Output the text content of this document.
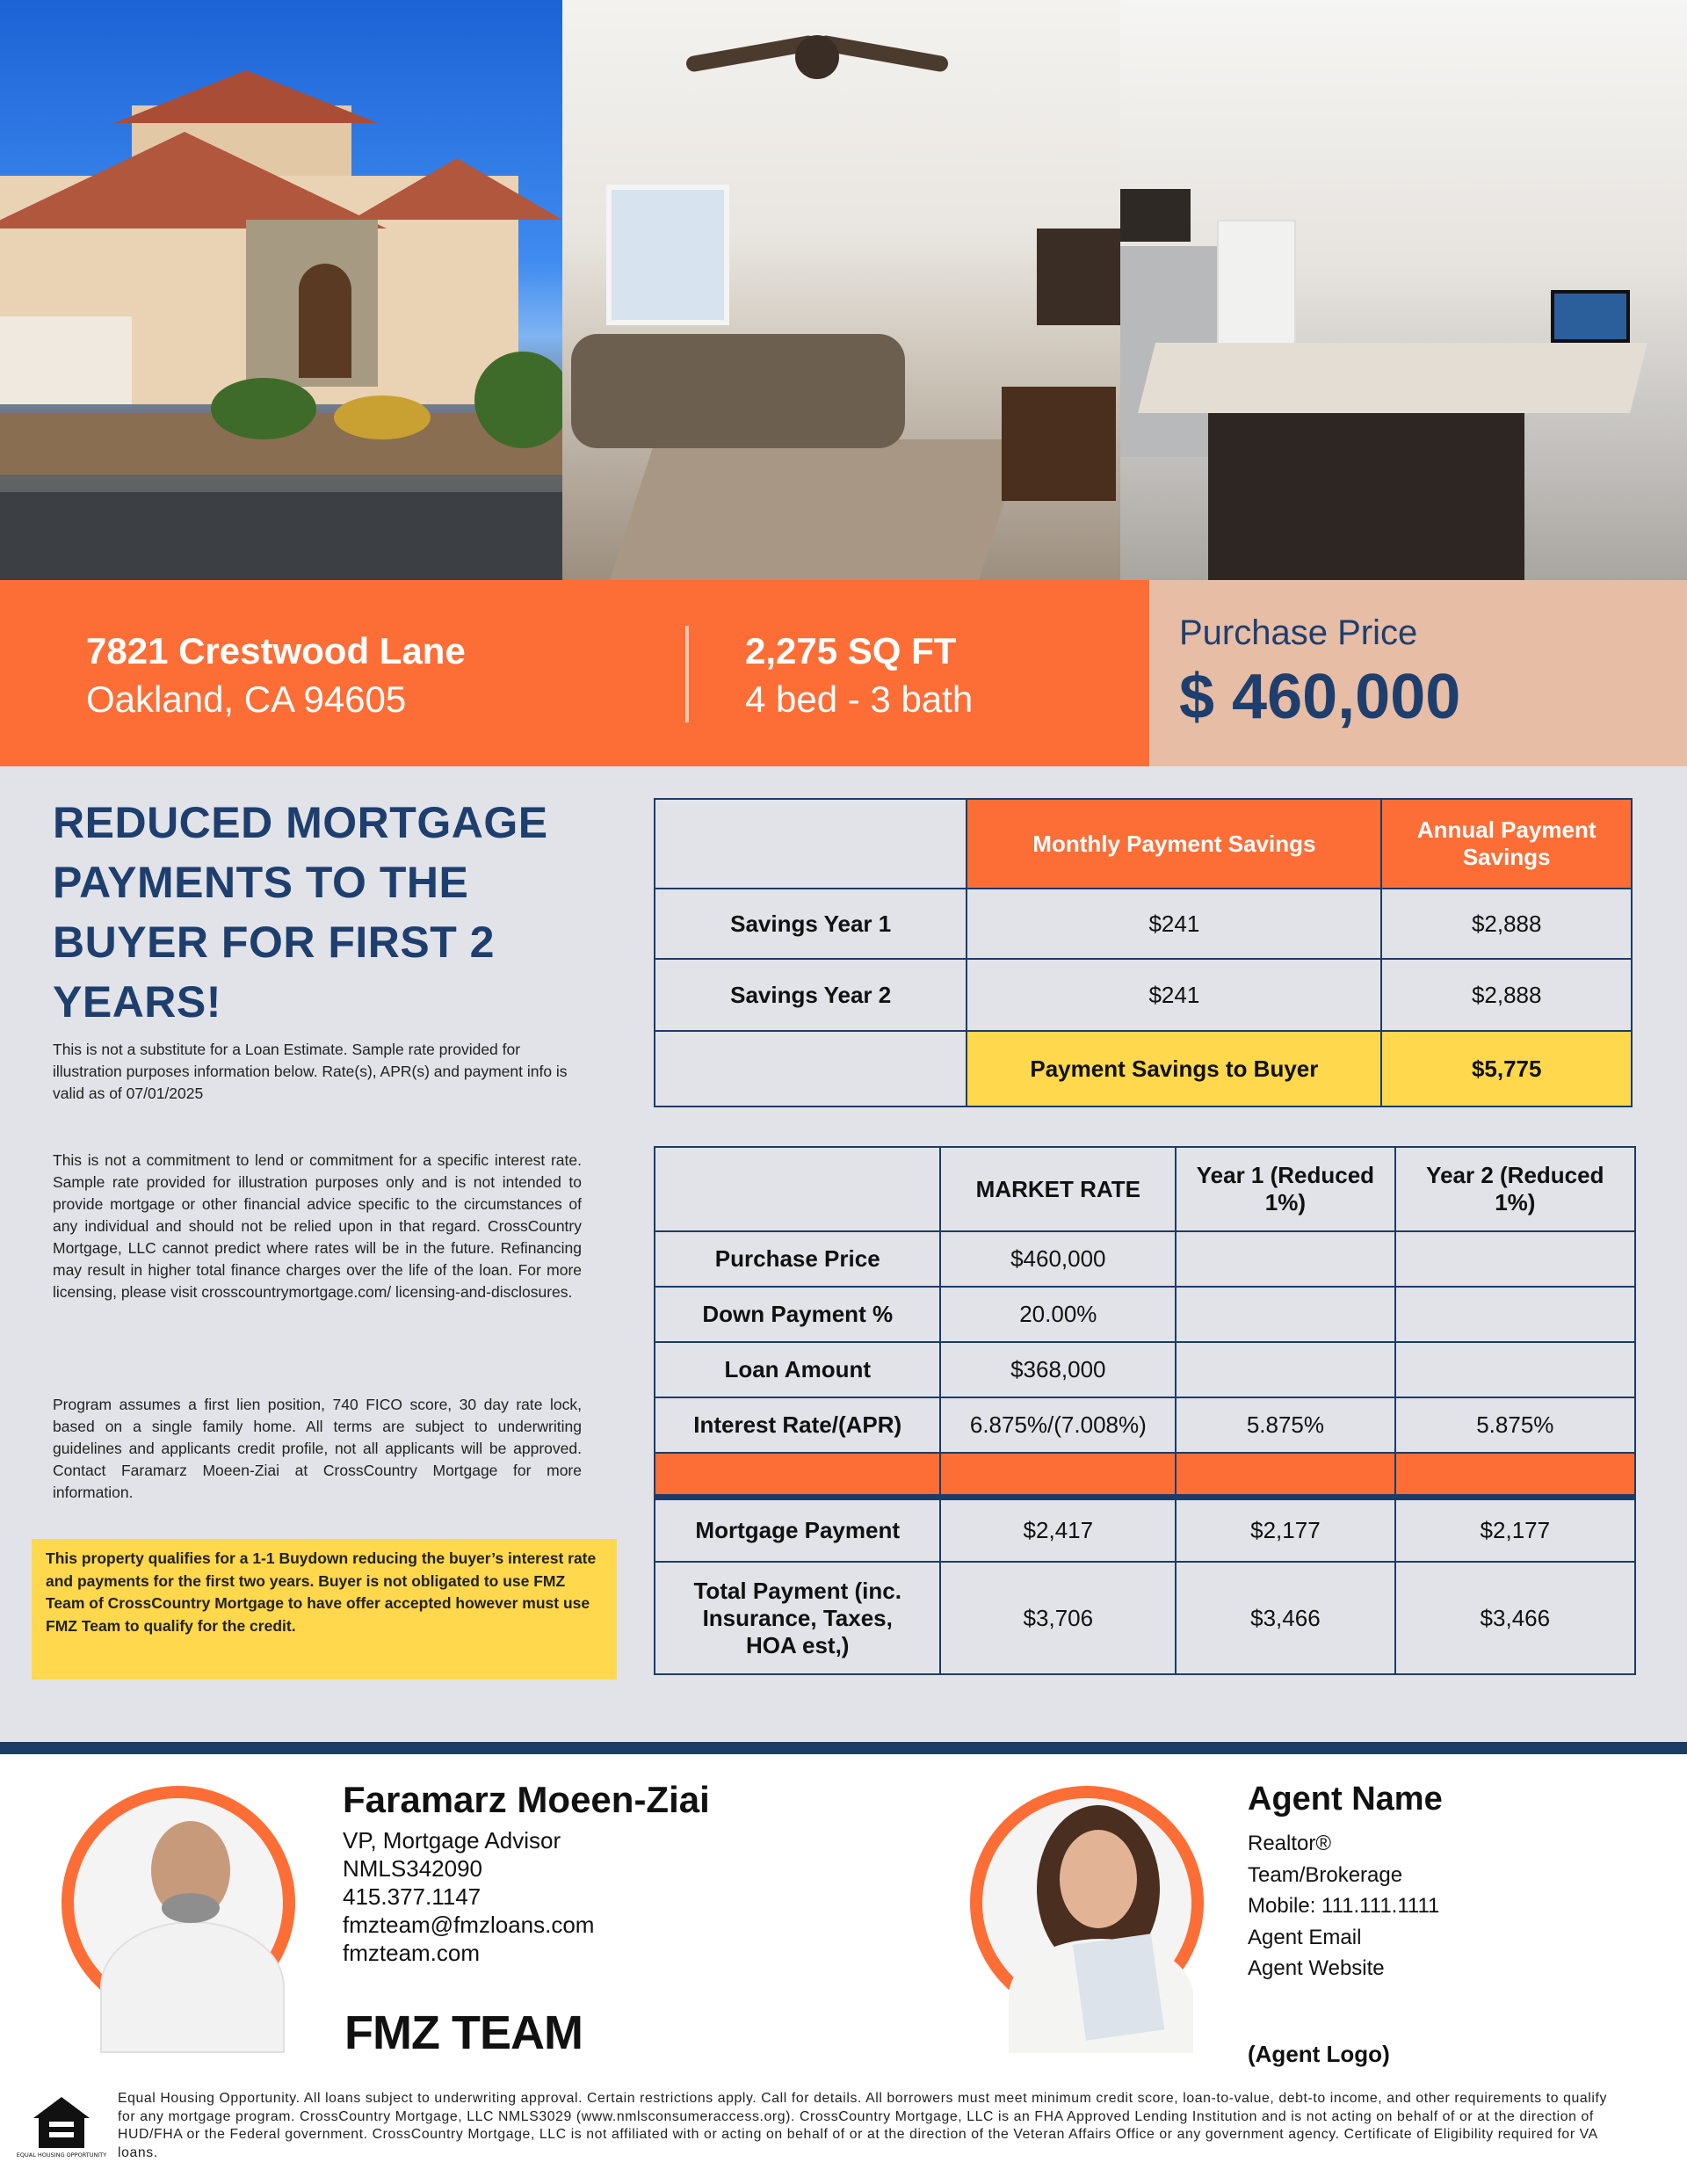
7821 Crestwood Lane
Oakland, CA 94605
2,275 SQ FT
4 bed - 3 bath
Purchase Price
$ 460,000
REDUCED MORTGAGE PAYMENTS TO THE BUYER FOR FIRST 2 YEARS!
This is not a substitute for a Loan Estimate. Sample rate provided for illustration purposes information below. Rate(s), APR(s) and payment info is valid as of 07/01/2025
This is not a commitment to lend or commitment for a specific interest rate. Sample rate provided for illustration purposes only and is not intended to provide mortgage or other financial advice specific to the circumstances of any individual and should not be relied upon in that regard. CrossCountry Mortgage, LLC cannot predict where rates will be in the future. Refinancing may result in higher total finance charges over the life of the loan. For more licensing, please visit crosscountrymortgage.com/ licensing-and-disclosures.
Program assumes a first lien position, 740 FICO score, 30 day rate lock, based on a single family home. All terms are subject to underwriting guidelines and applicants credit profile, not all applicants will be approved. Contact Faramarz Moeen-Ziai at CrossCountry Mortgage for more information.
This property qualifies for a 1-1 Buydown reducing the buyer’s interest rate and payments for the first two years. Buyer is not obligated to use FMZ Team of CrossCountry Mortgage to have offer accepted however must use FMZ Team to qualify for the credit.
	Monthly Payment Savings	Annual Payment Savings
Savings Year 1	$241	$2,888
Savings Year 2	$241	$2,888
	Payment Savings to Buyer	$5,775
	MARKET RATE	Year 1 (Reduced 1%)	Year 2 (Reduced 1%)
Purchase Price	$460,000		
Down Payment %	20.00%		
Loan Amount	$368,000		
Interest Rate/(APR)	6.875%/(7.008%)	5.875%	5.875%

Mortgage Payment	$2,417	$2,177	$2,177
Total Payment (inc. Insurance, Taxes, HOA est,)	$3,706	$3,466	$3,466
Faramarz Moeen-Ziai
VP, Mortgage Advisor
NMLS342090
415.377.1147
fmzteam@fmzloans.com
fmzteam.com
FMZ TEAM
Agent Name
Realtor®
Team/Brokerage
Mobile: 111.111.1111
Agent Email
Agent Website
(Agent Logo)
EQUAL HOUSING OPPORTUNITY
Equal Housing Opportunity. All loans subject to underwriting approval. Certain restrictions apply. Call for details. All borrowers must meet minimum credit score, loan-to-value, debt-to income, and other requirements to qualify for any mortgage program. CrossCountry Mortgage, LLC NMLS3029 (www.nmlsconsumeraccess.org). CrossCountry Mortgage, LLC is an FHA Approved Lending Institution and is not acting on behalf of or at the direction of HUD/FHA or the Federal government. CrossCountry Mortgage, LLC is not affiliated with or acting on behalf of or at the direction of the Veteran Affairs Office or any government agency. Certificate of Eligibility required for VA loans.
